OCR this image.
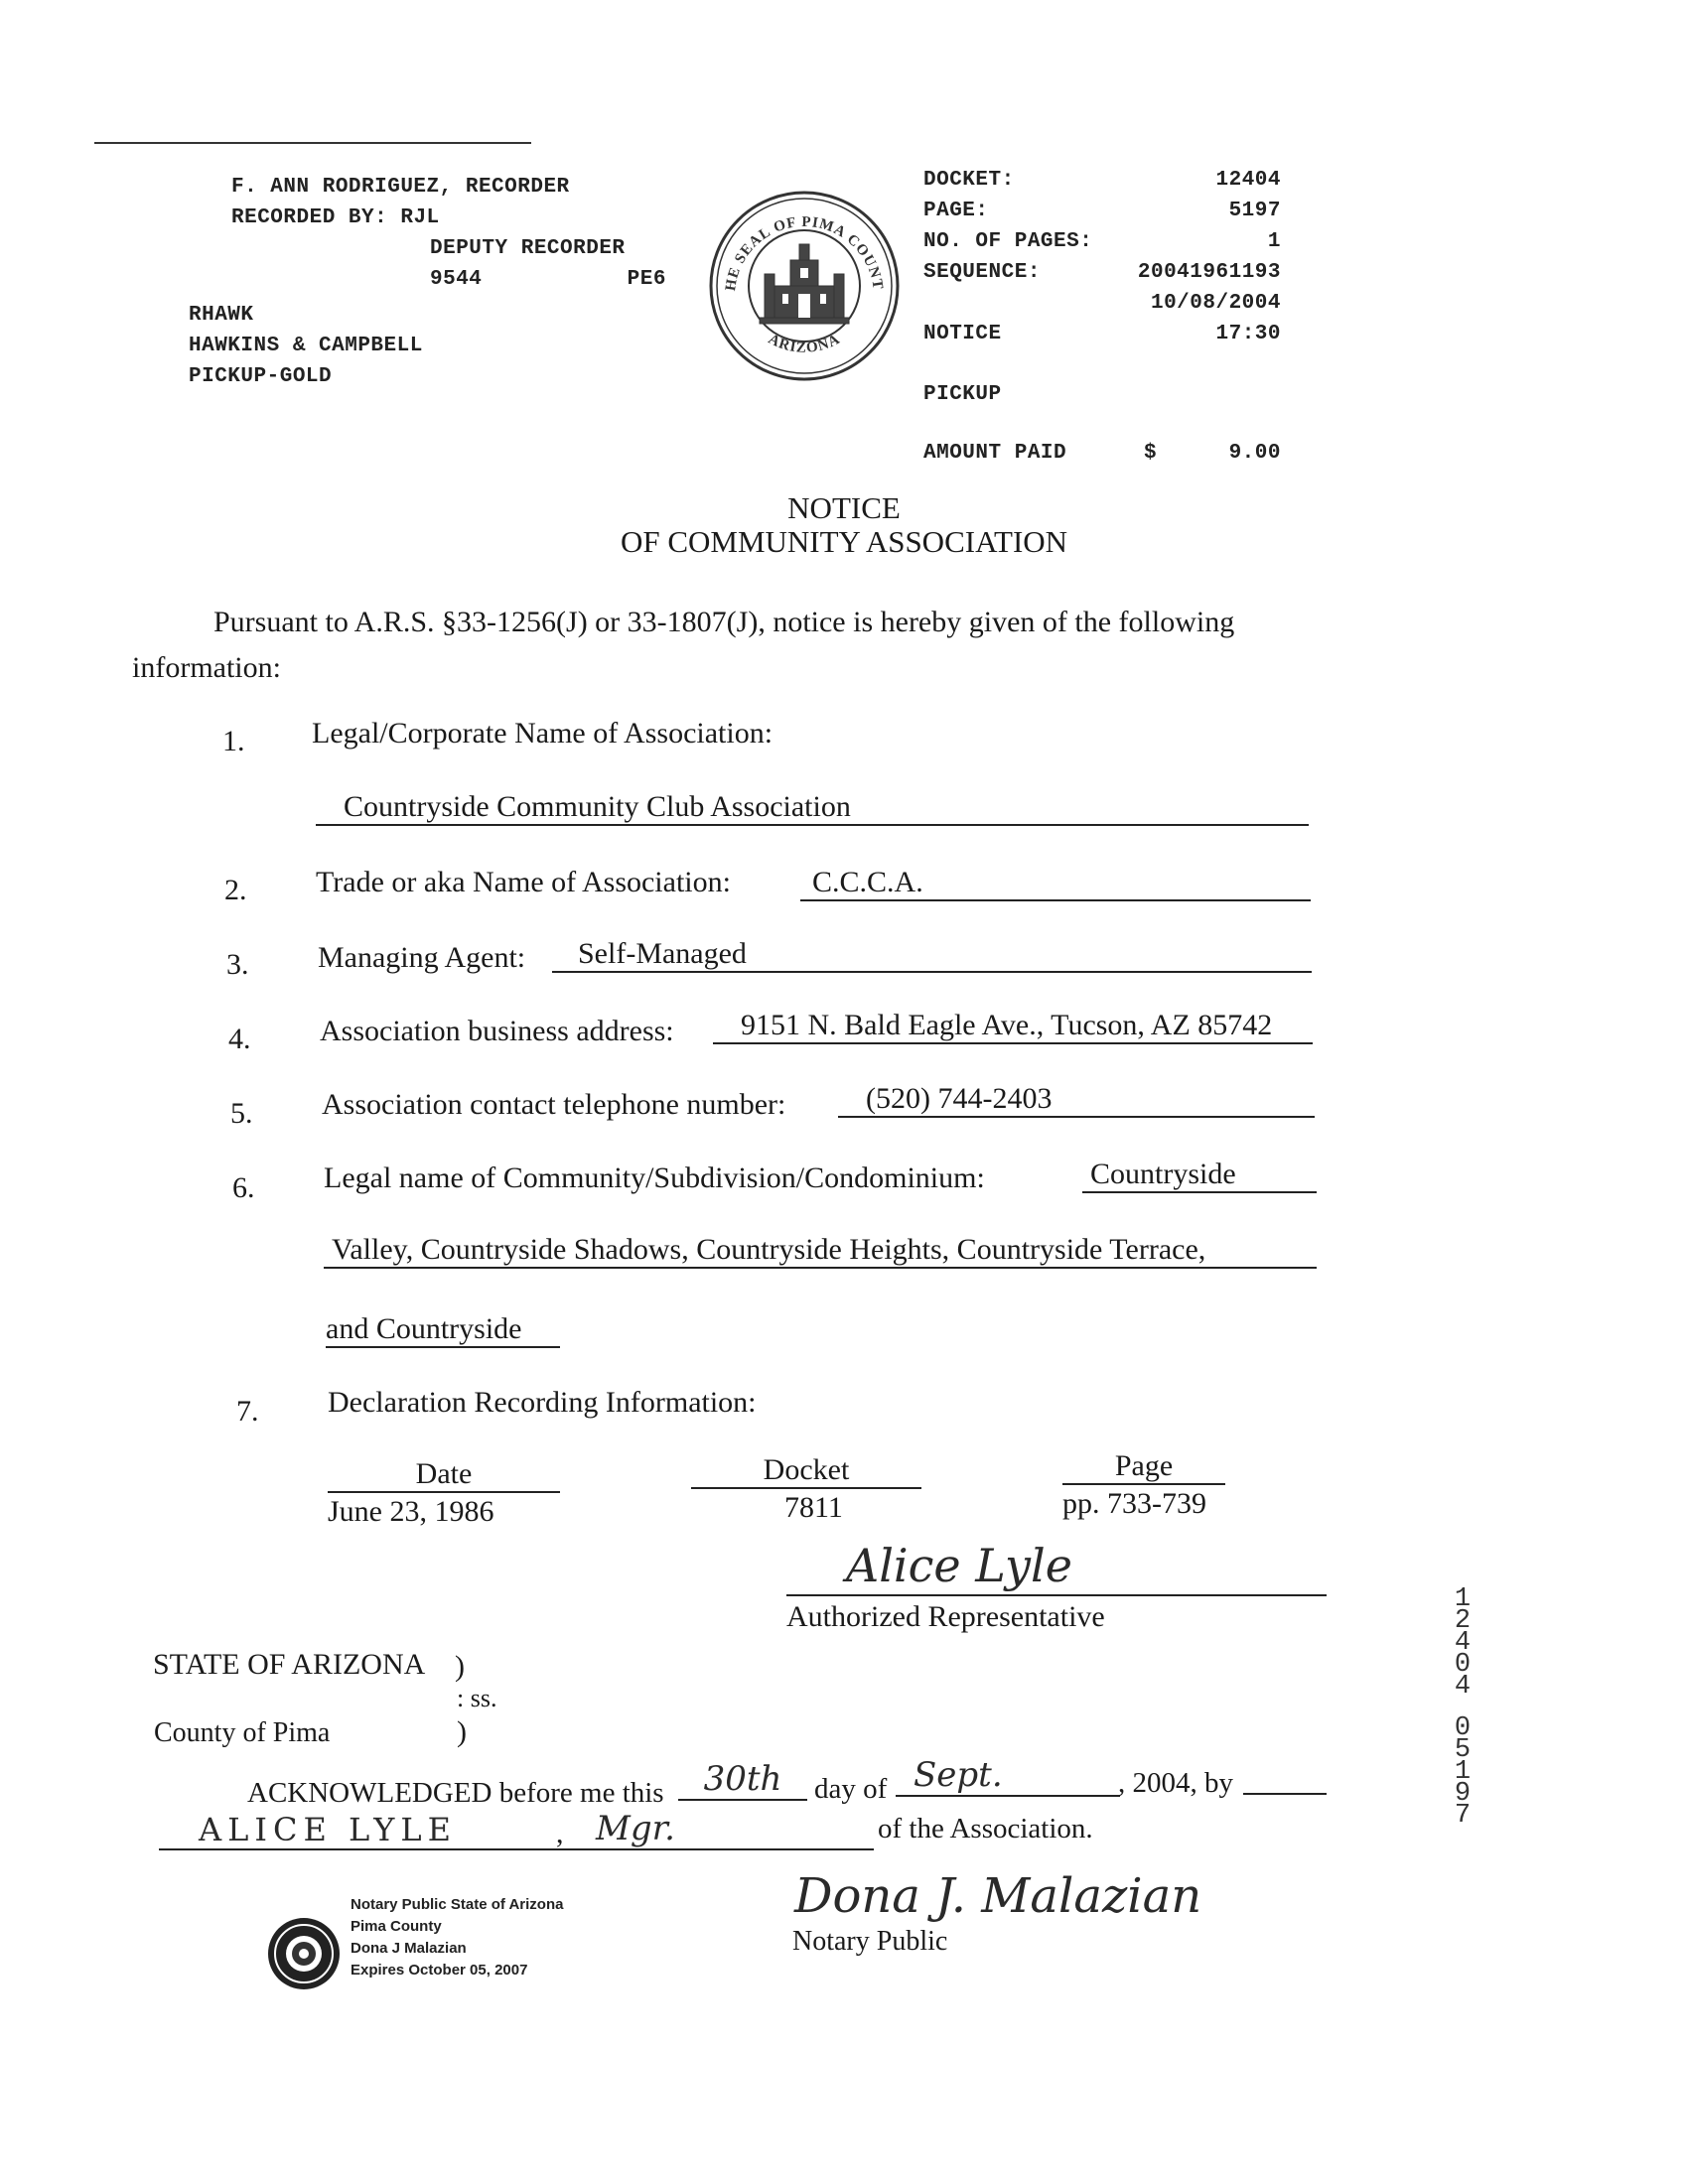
F. ANN RODRIGUEZ, RECORDER
RECORDED BY: RJL
DEPUTY RECORDER
9544	PE6
RHAWK
HAWKINS & CAMPBELL
PICKUP-GOLD
HE SEAL OF PIMA COUNT
ARIZONA
DOCKET:	12404
PAGE:	5197
NO. OF PAGES:	1
SEQUENCE:	20041961193
10/08/2004
NOTICE	17:30
PICKUP
AMOUNT PAID	$	9.00
NOTICE
OF COMMUNITY ASSOCIATION
Pursuant to A.R.S. §33-1256(J) or 33-1807(J), notice is hereby given of the following
information:
1.	Legal/Corporate Name of Association:
Countryside Community Club Association
2.	Trade or aka Name of Association:	C.C.C.A.
3.	Managing Agent:	Self-Managed
4.	Association business address:	9151 N. Bald Eagle Ave., Tucson, AZ 85742
5.	Association contact telephone number:	(520) 744-2403
6.	Legal name of Community/Subdivision/Condominium:	Countryside
Valley, Countryside Shadows, Countryside Heights, Countryside Terrace,
and Countryside
7.	Declaration Recording Information:
Date
June 23, 1986
Docket
7811
Page
pp. 733-739
Alice Lyle
Authorized Representative
STATE OF ARIZONA )
: ss.
County of Pima	)
ACKNOWLEDGED before me this	30th	day of Sept.	, 2004, by
ALICE LYLE	, Mgr.	of the Association.
Notary Public State of Arizona
Pima County
Dona J Malazian
Expires October 05, 2007
Dona J. Malazian
Notary Public
1
2
4
0
4
0
5
1
9
7
